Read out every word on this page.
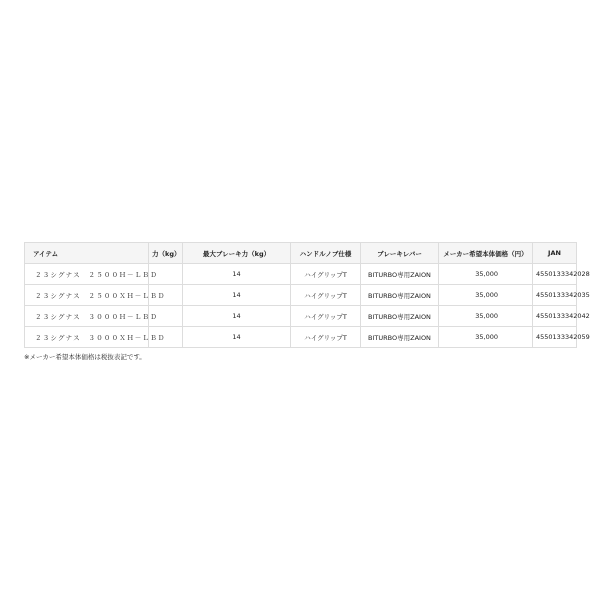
アイテム	力（kg）	最大ブレーキ力（kg）	ハンドルノブ仕様	ブレーキレバー	メーカー希望本体価格（円）	JAN
２３シグナス　２５００Ｈ－ＬＢＤ		14	ハイグリップT	BITURBO専用ZAION	35,000	4550133342028
２３シグナス　２５００ＸＨ－ＬＢＤ		14	ハイグリップT	BITURBO専用ZAION	35,000	4550133342035
２３シグナス　３０００Ｈ－ＬＢＤ		14	ハイグリップT	BITURBO専用ZAION	35,000	4550133342042
２３シグナス　３０００ＸＨ－ＬＢＤ		14	ハイグリップT	BITURBO専用ZAION	35,000	4550133342059
※メーカー希望本体価格は税抜表記です。
